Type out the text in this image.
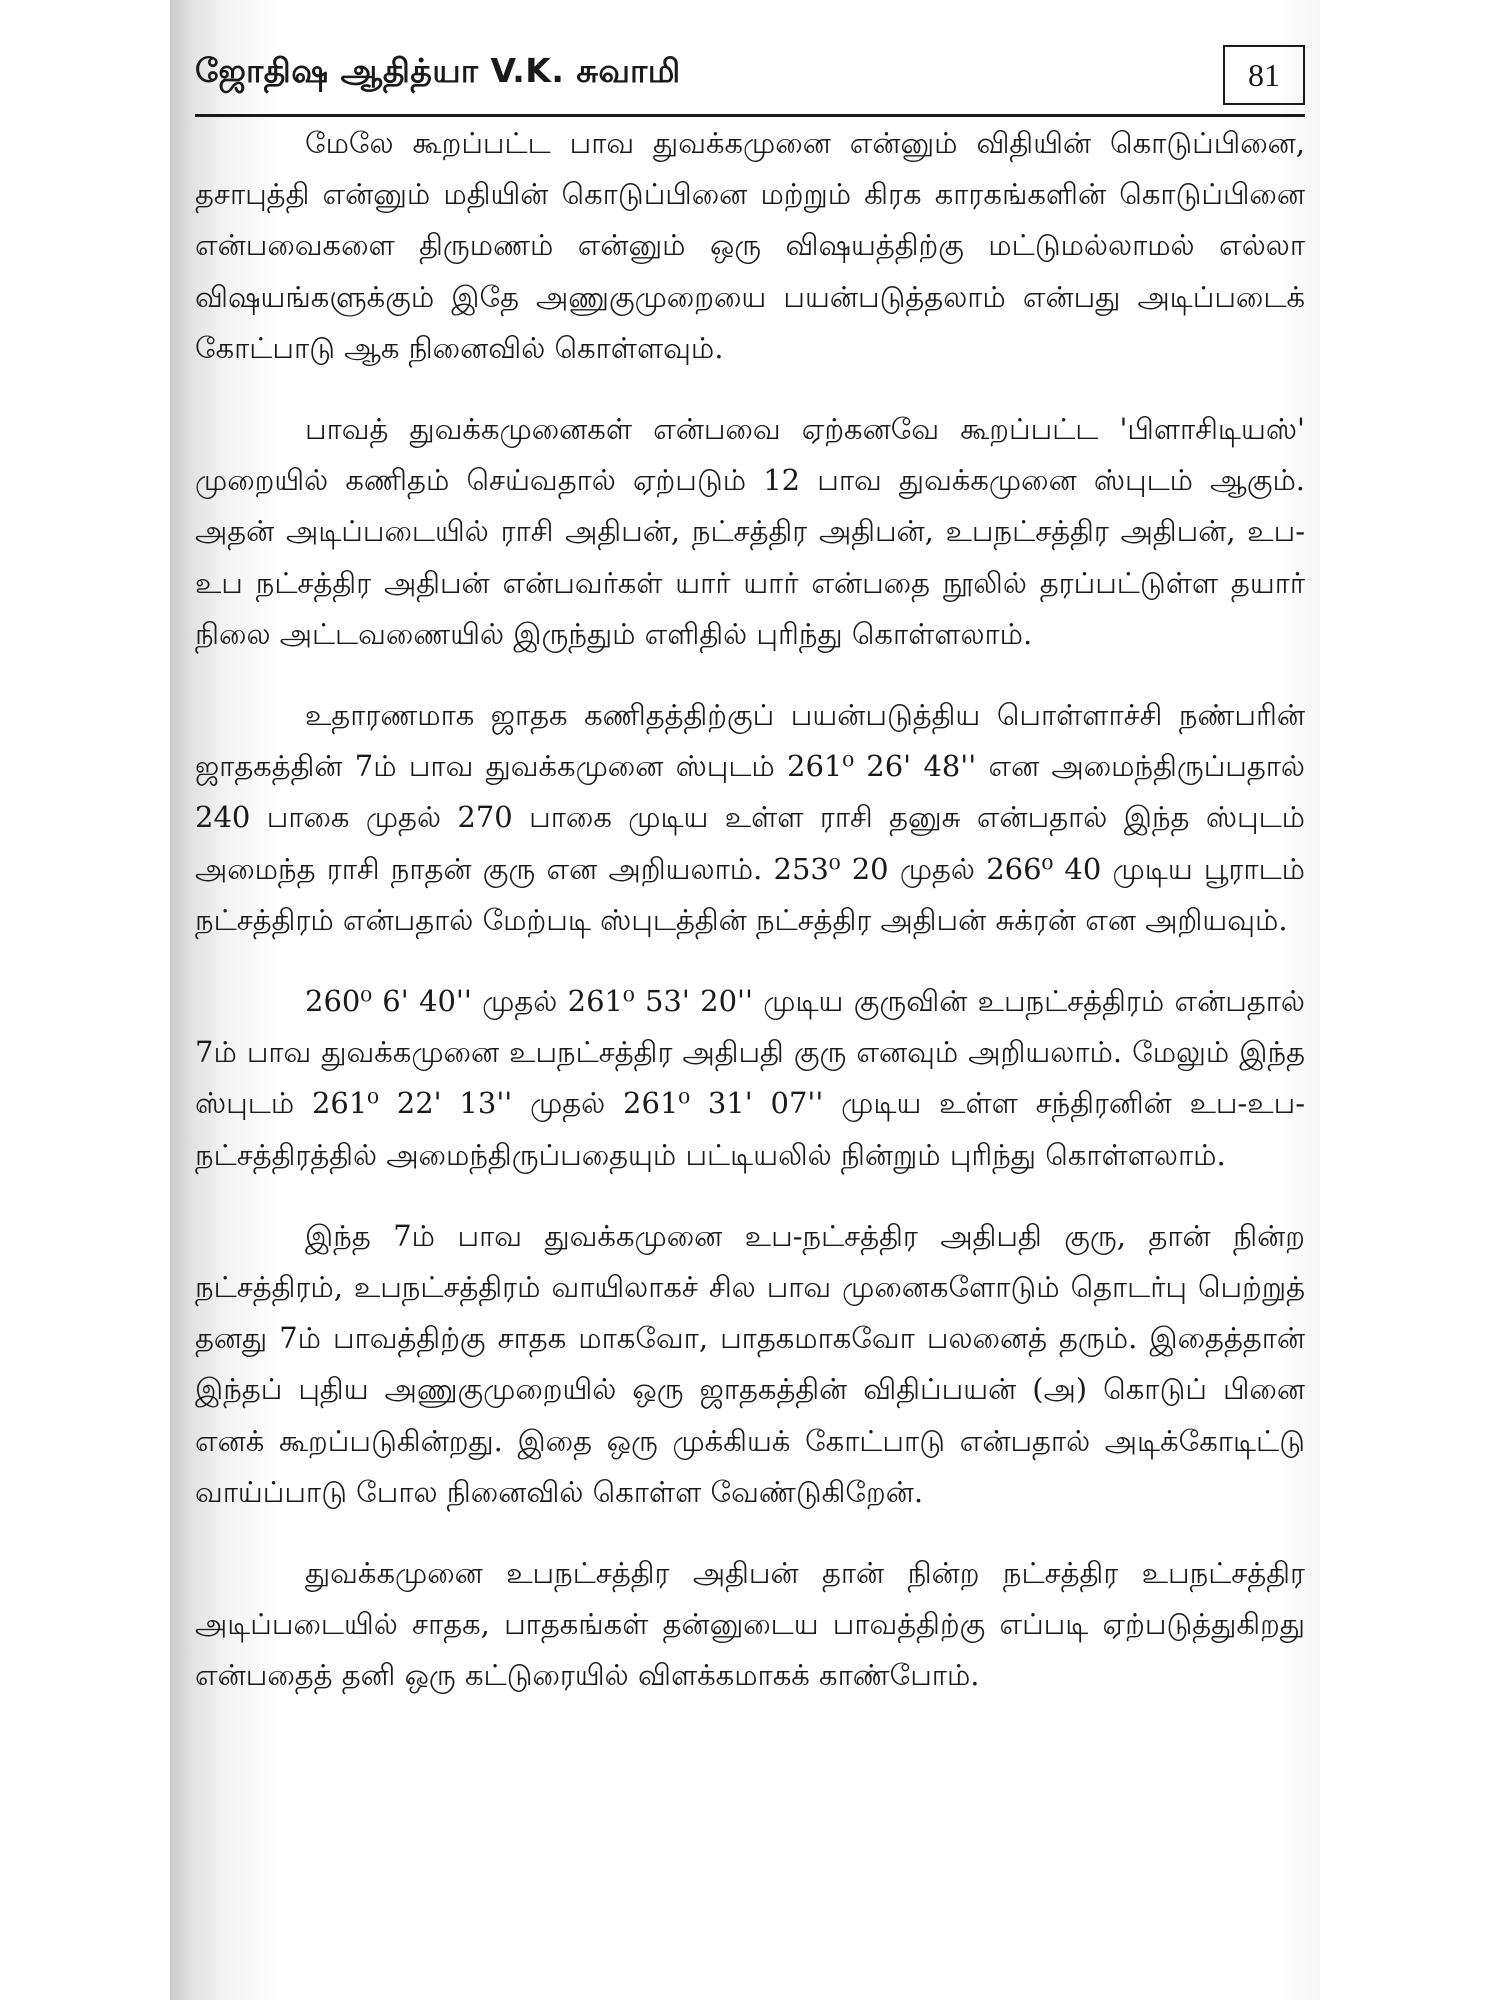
ஜோதிஷ ஆதித்யா V.K. சுவாமி	81

மேலே கூறப்பட்ட பாவ துவக்கமுனை என்னும் விதியின் கொடுப்பினை, தசாபுத்தி என்னும் மதியின் கொடுப்பினை மற்றும் கிரக காரகங்களின் கொடுப்பினை என்பவைகளை திருமணம் என்னும் ஒரு விஷயத்திற்கு மட்டுமல்லாமல் எல்லா விஷயங்களுக்கும் இதே அணுகுமுறையை பயன்படுத்தலாம் என்பது அடிப்படைக் கோட்பாடு ஆக நினைவில் கொள்ளவும்.

பாவத் துவக்கமுனைகள் என்பவை ஏற்கனவே கூறப்பட்ட 'பிளாசிடியஸ்' முறையில் கணிதம் செய்வதால் ஏற்படும் 12 பாவ துவக்கமுனை ஸ்புடம் ஆகும். அதன் அடிப்படையில் ராசி அதிபன், நட்சத்திர அதிபன், உபநட்சத்திர அதிபன், உப-உப நட்சத்திர அதிபன் என்பவர்கள் யார் யார் என்பதை நூலில் தரப்பட்டுள்ள தயார் நிலை அட்டவணையில் இருந்தும் எளிதில் புரிந்து கொள்ளலாம்.

உதாரணமாக ஜாதக கணிதத்திற்குப் பயன்படுத்திய பொள்ளாச்சி நண்பரின் ஜாதகத்தின் 7ம் பாவ துவக்கமுனை ஸ்புடம் 261⁰ 26' 48'' என அமைந்திருப்பதால் 240 பாகை முதல் 270 பாகை முடிய உள்ள ராசி தனுசு என்பதால் இந்த ஸ்புடம் அமைந்த ராசி நாதன் குரு என அறியலாம். 253⁰ 20 முதல் 266⁰ 40 முடிய பூராடம் நட்சத்திரம் என்பதால் மேற்படி ஸ்புடத்தின் நட்சத்திர அதிபன் சுக்ரன் என அறியவும்.

260⁰ 6' 40'' முதல் 261⁰ 53' 20'' முடிய குருவின் உபநட்சத்திரம் என்பதால் 7ம் பாவ துவக்கமுனை உபநட்சத்திர அதிபதி குரு எனவும் அறியலாம். மேலும் இந்த ஸ்புடம் 261⁰ 22' 13'' முதல் 261⁰ 31' 07'' முடிய உள்ள சந்திரனின் உப-உப-நட்சத்திரத்தில் அமைந்திருப்பதையும் பட்டியலில் நின்றும் புரிந்து கொள்ளலாம்.

இந்த 7ம் பாவ துவக்கமுனை உப-நட்சத்திர அதிபதி குரு, தான் நின்ற நட்சத்திரம், உபநட்சத்திரம் வாயிலாகச் சில பாவ முனைகளோடும் தொடர்பு பெற்றுத் தனது 7ம் பாவத்திற்கு சாதக மாகவோ, பாதகமாகவோ பலனைத் தரும். இதைத்தான் இந்தப் புதிய அணுகுமுறையில் ஒரு ஜாதகத்தின் விதிப்பயன் (அ) கொடுப் பினை எனக் கூறப்படுகின்றது. இதை ஒரு முக்கியக் கோட்பாடு என்பதால் அடிக்கோடிட்டு வாய்ப்பாடு போல நினைவில் கொள்ள வேண்டுகிறேன்.

துவக்கமுனை உபநட்சத்திர அதிபன் தான் நின்ற நட்சத்திர உபநட்சத்திர அடிப்படையில் சாதக, பாதகங்கள் தன்னுடைய பாவத்திற்கு எப்படி ஏற்படுத்துகிறது என்பதைத் தனி ஒரு கட்டுரையில் விளக்கமாகக் காண்போம்.
